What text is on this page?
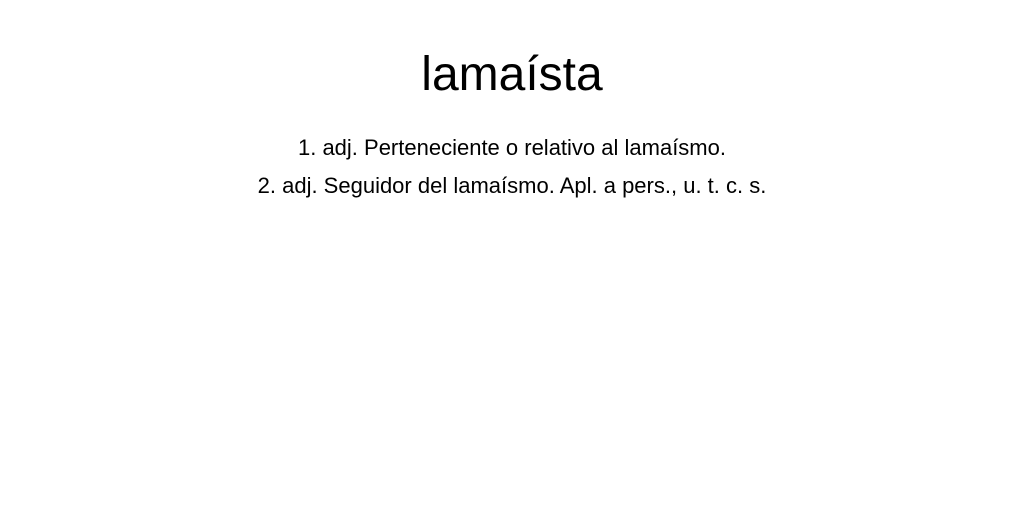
lamaísta
1. adj. Perteneciente o relativo al lamaísmo.
2. adj. Seguidor del lamaísmo. Apl. a pers., u. t. c. s.
